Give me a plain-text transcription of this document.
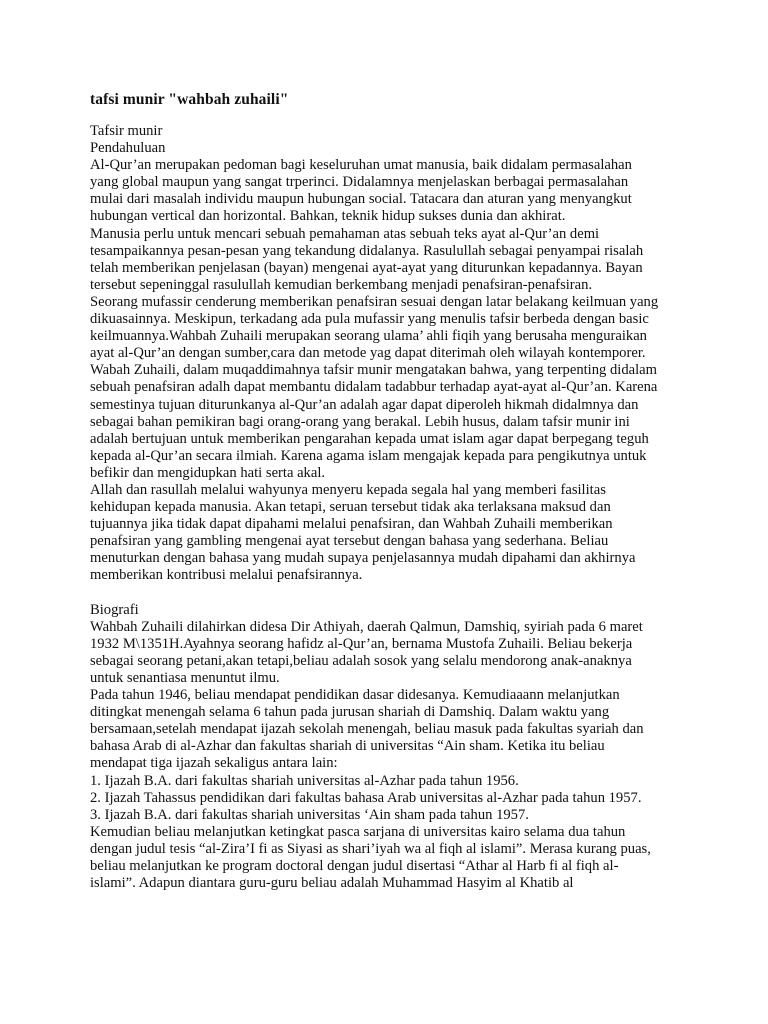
tafsi munir "wahbah zuhaili"
Tafsir munir
Pendahuluan
Al-Qur’an merupakan pedoman bagi keseluruhan umat manusia, baik didalam permasalahan
yang global maupun yang sangat trperinci. Didalamnya menjelaskan berbagai permasalahan
mulai dari masalah individu maupun hubungan social. Tatacara dan aturan yang menyangkut
hubungan vertical dan horizontal. Bahkan, teknik hidup sukses dunia dan akhirat.
Manusia perlu untuk mencari sebuah pemahaman atas sebuah teks ayat al-Qur’an demi
tesampaikannya pesan-pesan yang tekandung didalanya. Rasulullah sebagai penyampai risalah
telah memberikan penjelasan (bayan) mengenai ayat-ayat yang diturunkan kepadannya. Bayan
tersebut sepeninggal rasulullah kemudian berkembang menjadi penafsiran-penafsiran.
Seorang mufassir cenderung memberikan penafsiran sesuai dengan latar belakang keilmuan yang
dikuasainnya. Meskipun, terkadang ada pula mufassir yang menulis tafsir berbeda dengan basic
keilmuannya.Wahbah Zuhaili merupakan seorang ulama’ ahli fiqih yang berusaha menguraikan
ayat al-Qur’an dengan sumber,cara dan metode yag dapat diterimah oleh wilayah kontemporer.
Wabah Zuhaili, dalam muqaddimahnya tafsir munir mengatakan bahwa, yang terpenting didalam
sebuah penafsiran adalh dapat membantu didalam tadabbur terhadap ayat-ayat al-Qur’an. Karena
semestinya tujuan diturunkanya al-Qur’an adalah agar dapat diperoleh hikmah didalmnya dan
sebagai bahan pemikiran bagi orang-orang yang berakal. Lebih husus, dalam tafsir munir ini
adalah bertujuan untuk memberikan pengarahan kepada umat islam agar dapat berpegang teguh
kepada al-Qur’an secara ilmiah. Karena agama islam mengajak kepada para pengikutnya untuk
befikir dan mengidupkan hati serta akal.
Allah dan rasullah melalui wahyunya menyeru kepada segala hal yang memberi fasilitas
kehidupan kepada manusia. Akan tetapi, seruan tersebut tidak aka terlaksana maksud dan
tujuannya jika tidak dapat dipahami melalui penafsiran, dan Wahbah Zuhaili memberikan
penafsiran yang gambling mengenai ayat tersebut dengan bahasa yang sederhana. Beliau
menuturkan dengan bahasa yang mudah supaya penjelasannya mudah dipahami dan akhirnya
memberikan kontribusi melalui penafsirannya.
Biografi
Wahbah Zuhaili dilahirkan didesa Dir Athiyah, daerah Qalmun, Damshiq, syiriah pada 6 maret
1932 M\1351H.Ayahnya seorang hafidz al-Qur’an, bernama Mustofa Zuhaili. Beliau bekerja
sebagai seorang petani,akan tetapi,beliau adalah sosok yang selalu mendorong anak-anaknya
untuk senantiasa menuntut ilmu.
Pada tahun 1946, beliau mendapat pendidikan dasar didesanya. Kemudiaaann melanjutkan
ditingkat menengah selama 6 tahun pada jurusan shariah di Damshiq. Dalam waktu yang
bersamaan,setelah mendapat ijazah sekolah menengah, beliau masuk pada fakultas syariah dan
bahasa Arab di al-Azhar dan fakultas shariah di universitas “Ain sham. Ketika itu beliau
mendapat tiga ijazah sekaligus antara lain:
1. Ijazah B.A. dari fakultas shariah universitas al-Azhar pada tahun 1956.
2. Ijazah Tahassus pendidikan dari fakultas bahasa Arab universitas al-Azhar pada tahun 1957.
3. Ijazah B.A. dari fakultas shariah universitas ‘Ain sham pada tahun 1957.
Kemudian beliau melanjutkan ketingkat pasca sarjana di universitas kairo selama dua tahun
dengan judul tesis “al-Zira’I fi as Siyasi as shari’iyah wa al fiqh al islami”. Merasa kurang puas,
beliau melanjutkan ke program doctoral dengan judul disertasi “Athar al Harb fi al fiqh al-
islami”. Adapun diantara guru-guru beliau adalah Muhammad Hasyim al Khatib al
